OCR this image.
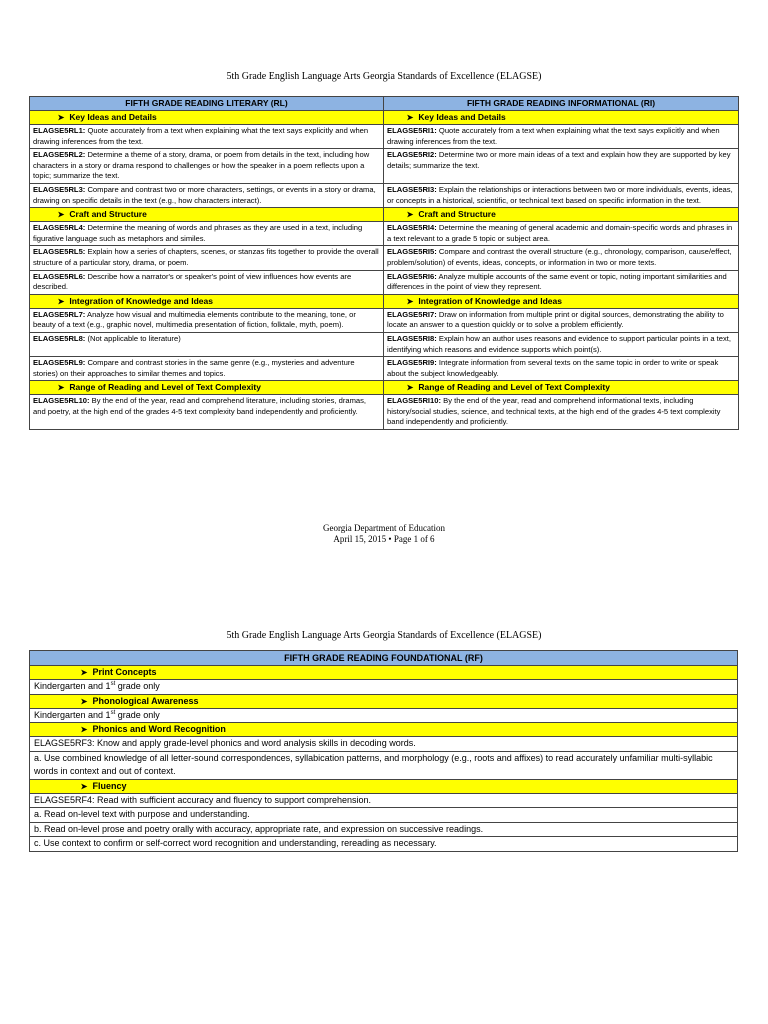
5th Grade English Language Arts Georgia Standards of Excellence (ELAGSE)
FIFTH GRADE READING LITERARY (RL)	FIFTH GRADE READING INFORMATIONAL (RI)
➤ Key Ideas and Details	➤ Key Ideas and Details
ELAGSE5RL1: Quote accurately from a text when explaining what the text says explicitly and when drawing inferences from the text.	ELAGSE5RI1: Quote accurately from a text when explaining what the text says explicitly and when drawing inferences from the text.
ELAGSE5RL2: Determine a theme of a story, drama, or poem from details in the text, including how characters in a story or drama respond to challenges or how the speaker in a poem reflects upon a topic; summarize the text.	ELAGSE5RI2: Determine two or more main ideas of a text and explain how they are supported by key details; summarize the text.
ELAGSE5RL3: Compare and contrast two or more characters, settings, or events in a story or drama, drawing on specific details in the text (e.g., how characters interact).	ELAGSE5RI3: Explain the relationships or interactions between two or more individuals, events, ideas, or concepts in a historical, scientific, or technical text based on specific information in the text.
➤ Craft and Structure	➤ Craft and Structure
ELAGSE5RL4: Determine the meaning of words and phrases as they are used in a text, including figurative language such as metaphors and similes.	ELAGSE5RI4: Determine the meaning of general academic and domain-specific words and phrases in a text relevant to a grade 5 topic or subject area.
ELAGSE5RL5: Explain how a series of chapters, scenes, or stanzas fits together to provide the overall structure of a particular story, drama, or poem.	ELAGSE5RI5: Compare and contrast the overall structure (e.g., chronology, comparison, cause/effect, problem/solution) of events, ideas, concepts, or information in two or more texts.
ELAGSE5RL6: Describe how a narrator's or speaker's point of view influences how events are described.	ELAGSE5RI6: Analyze multiple accounts of the same event or topic, noting important similarities and differences in the point of view they represent.
➤ Integration of Knowledge and Ideas	➤ Integration of Knowledge and Ideas
ELAGSE5RL7: Analyze how visual and multimedia elements contribute to the meaning, tone, or beauty of a text (e.g., graphic novel, multimedia presentation of fiction, folktale, myth, poem).	ELAGSE5RI7: Draw on information from multiple print or digital sources, demonstrating the ability to locate an answer to a question quickly or to solve a problem efficiently.
ELAGSE5RL8: (Not applicable to literature)	ELAGSE5RI8: Explain how an author uses reasons and evidence to support particular points in a text, identifying which reasons and evidence supports which point(s).
ELAGSE5RL9: Compare and contrast stories in the same genre (e.g., mysteries and adventure stories) on their approaches to similar themes and topics.	ELAGSE5RI9: Integrate information from several texts on the same topic in order to write or speak about the subject knowledgeably.
➤ Range of Reading and Level of Text Complexity	➤ Range of Reading and Level of Text Complexity
ELAGSE5RL10: By the end of the year, read and comprehend literature, including stories, dramas, and poetry, at the high end of the grades 4-5 text complexity band independently and proficiently.	ELAGSE5RI10: By the end of the year, read and comprehend informational texts, including history/social studies, science, and technical texts, at the high end of the grades 4-5 text complexity band independently and proficiently.
Georgia Department of Education
April 15, 2015 • Page 1 of 6
5th Grade English Language Arts Georgia Standards of Excellence (ELAGSE)
FIFTH GRADE READING FOUNDATIONAL (RF)
➤ Print Concepts
Kindergarten and 1st grade only
➤ Phonological Awareness
Kindergarten and 1st grade only
➤ Phonics and Word Recognition
ELAGSE5RF3: Know and apply grade-level phonics and word analysis skills in decoding words.
a. Use combined knowledge of all letter-sound correspondences, syllabication patterns, and morphology (e.g., roots and affixes) to read accurately unfamiliar multi-syllabic words in context and out of context.
➤ Fluency
ELAGSE5RF4: Read with sufficient accuracy and fluency to support comprehension.
a. Read on-level text with purpose and understanding.
b. Read on-level prose and poetry orally with accuracy, appropriate rate, and expression on successive readings.
c. Use context to confirm or self-correct word recognition and understanding, rereading as necessary.
